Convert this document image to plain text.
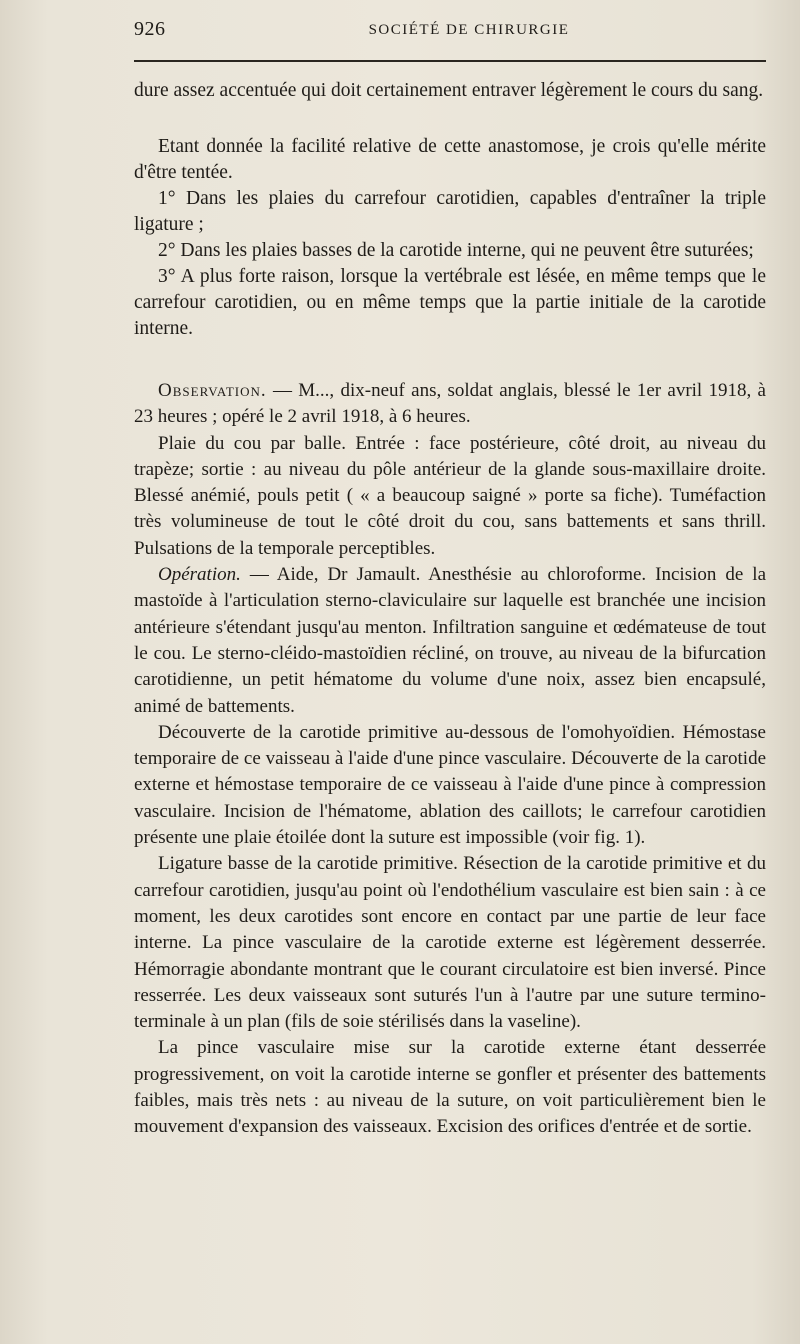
926	SOCIÉTÉ DE CHIRURGIE

dure assez accentuée qui doit certainement entraver légèrement le cours du sang.

Etant donnée la facilité relative de cette anastomose, je crois qu'elle mérite d'être tentée.

1° Dans les plaies du carrefour carotidien, capables d'entraîner la triple ligature ;

2° Dans les plaies basses de la carotide interne, qui ne peuvent être suturées;

3° A plus forte raison, lorsque la vertébrale est lésée, en même temps que le carrefour carotidien, ou en même temps que la partie initiale de la carotide interne.

Observation. — M..., dix-neuf ans, soldat anglais, blessé le 1er avril 1918, à 23 heures ; opéré le 2 avril 1918, à 6 heures.

Plaie du cou par balle. Entrée : face postérieure, côté droit, au niveau du trapèze; sortie : au niveau du pôle antérieur de la glande sous-maxillaire droite. Blessé anémié, pouls petit ( « a beaucoup saigné » porte sa fiche). Tuméfaction très volumineuse de tout le côté droit du cou, sans battements et sans thrill. Pulsations de la temporale perceptibles.

Opération. — Aide, Dr Jamault. Anesthésie au chloroforme. Incision de la mastoïde à l'articulation sterno-claviculaire sur laquelle est branchée une incision antérieure s'étendant jusqu'au menton. Infiltration sanguine et œdémateuse de tout le cou. Le sterno-cléido-mastoïdien récliné, on trouve, au niveau de la bifurcation carotidienne, un petit hématome du volume d'une noix, assez bien encapsulé, animé de battements.

Découverte de la carotide primitive au-dessous de l'omohyoïdien. Hémostase temporaire de ce vaisseau à l'aide d'une pince vasculaire. Découverte de la carotide externe et hémostase temporaire de ce vaisseau à l'aide d'une pince à compression vasculaire. Incision de l'hématome, ablation des caillots; le carrefour carotidien présente une plaie étoilée dont la suture est impossible (voir fig. 1).

Ligature basse de la carotide primitive. Résection de la carotide primitive et du carrefour carotidien, jusqu'au point où l'endothélium vasculaire est bien sain : à ce moment, les deux carotides sont encore en contact par une partie de leur face interne. La pince vasculaire de la carotide externe est légèrement desserrée. Hémorragie abondante montrant que le courant circulatoire est bien inversé. Pince resserrée. Les deux vaisseaux sont suturés l'un à l'autre par une suture termino-terminale à un plan (fils de soie stérilisés dans la vaseline).

La pince vasculaire mise sur la carotide externe étant desserrée progressivement, on voit la carotide interne se gonfler et présenter des battements faibles, mais très nets : au niveau de la suture, on voit particulièrement bien le mouvement d'expansion des vaisseaux. Excision des orifices d'entrée et de sortie.
